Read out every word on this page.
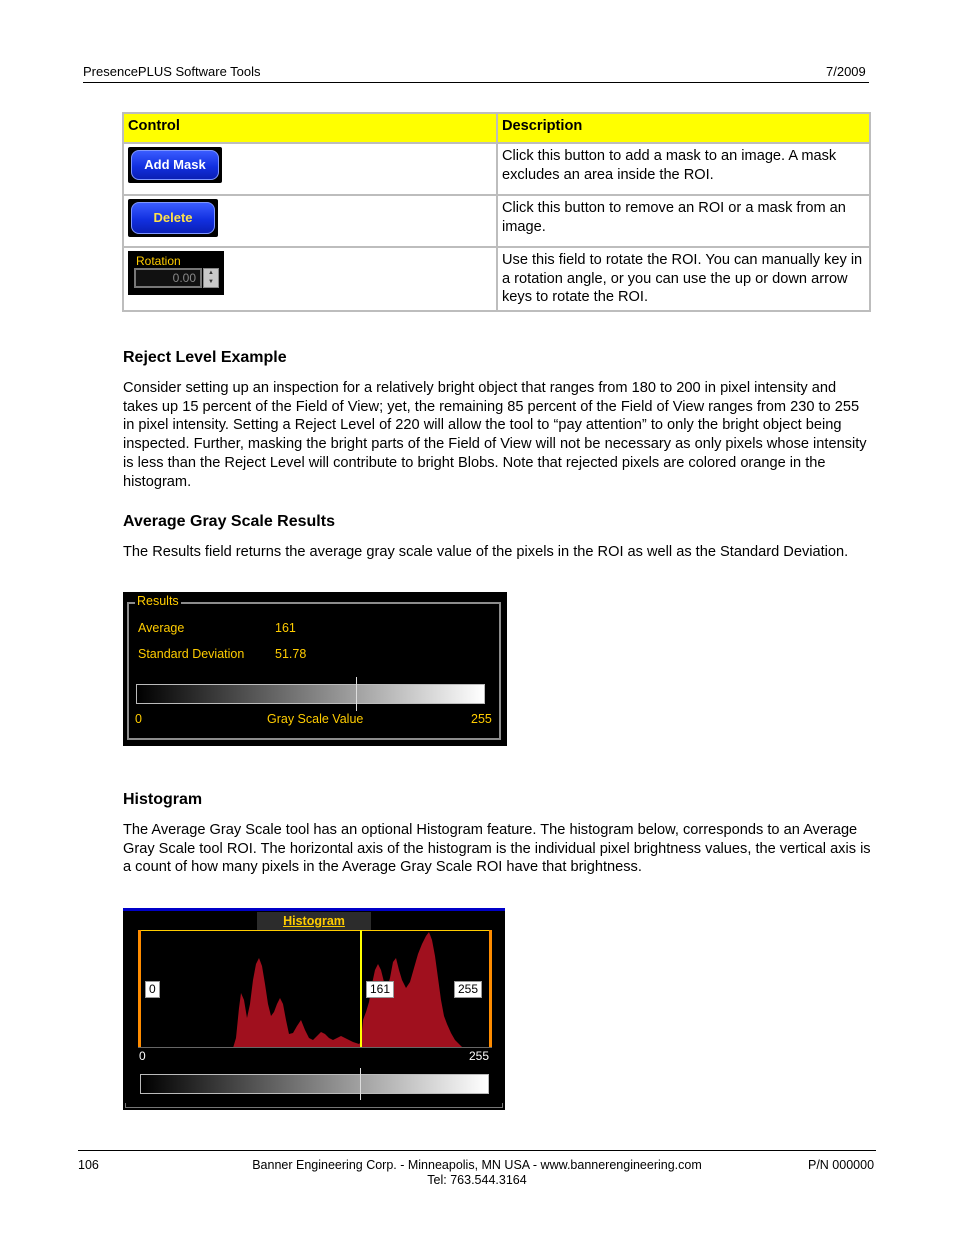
PresencePLUS Software Tools	7/2009
Control	Description

Add Mask	Click this button to add a mask to an image. A mask excludes an area inside the ROI.

Delete	Click this button to remove an ROI or a mask from an image.

Rotation
0.00 ▲
▼	Use this field to rotate the ROI. You can manually key in a rotation angle, or you can use the up or down arrow keys to rotate the ROI.
Reject Level Example
Consider setting up an inspection for a relatively bright object that ranges from 180 to 200 in pixel intensity and takes up 15 percent of the Field of View; yet, the remaining 85 percent of the Field of View ranges from 230 to 255 in pixel intensity. Setting a Reject Level of 220 will allow the tool to “pay attention” to only the bright object being inspected. Further, masking the bright parts of the Field of View will not be necessary as only pixels whose intensity is less than the Reject Level will contribute to bright Blobs. Note that rejected pixels are colored orange in the histogram.
Average Gray Scale Results
The Results field returns the average gray scale value of the pixels in the ROI as well as the Standard Deviation.
Results
Average	161
Standard Deviation 51.78
0	Gray Scale Value	255
Histogram
The Average Gray Scale tool has an optional Histogram feature. The histogram below, corresponds to an Average Gray Scale tool ROI. The horizontal axis of the histogram is the individual pixel brightness values, the vertical axis is a count of how many pixels in the Average Gray Scale ROI have that brightness.
Histogram
0	161	255
0	255
106	Banner Engineering Corp. - Minneapolis, MN USA - www.bannerengineering.com
Tel: 763.544.3164
P/N 000000
